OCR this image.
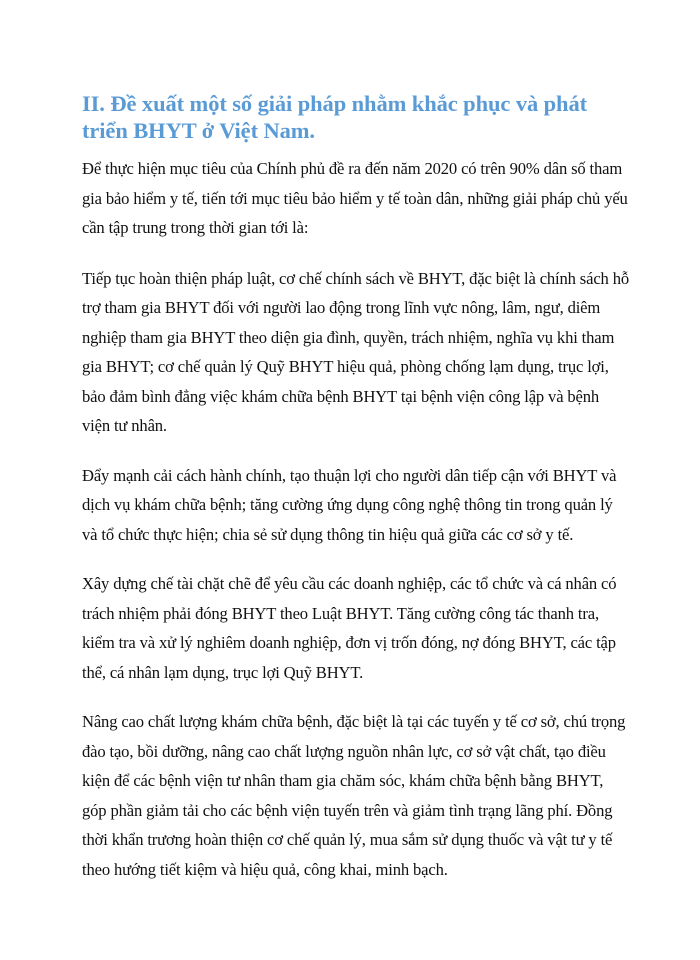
II. Đề xuất một số giải pháp nhằm khắc phục và phát triển BHYT ở Việt Nam.

Để thực hiện mục tiêu của Chính phủ đề ra đến năm 2020 có trên 90% dân số tham gia bảo hiểm y tế, tiến tới mục tiêu bảo hiểm y tế toàn dân, những giải pháp chủ yếu cần tập trung trong thời gian tới là:

Tiếp tục hoàn thiện pháp luật, cơ chế chính sách về BHYT, đặc biệt là chính sách hỗ trợ tham gia BHYT đối với người lao động trong lĩnh vực nông, lâm, ngư, diêm nghiệp tham gia BHYT theo diện gia đình, quyền, trách nhiệm, nghĩa vụ khi tham gia BHYT; cơ chế quản lý Quỹ BHYT hiệu quả, phòng chống lạm dụng, trục lợi, bảo đảm bình đẳng việc khám chữa bệnh BHYT tại bệnh viện công lập và bệnh viện tư nhân.

Đẩy mạnh cải cách hành chính, tạo thuận lợi cho người dân tiếp cận với BHYT và dịch vụ khám chữa bệnh; tăng cường ứng dụng công nghệ thông tin trong quản lý và tổ chức thực hiện; chia sẻ sử dụng thông tin hiệu quả giữa các cơ sở y tế.

Xây dựng chế tài chặt chẽ để yêu cầu các doanh nghiệp, các tổ chức và cá nhân có trách nhiệm phải đóng BHYT theo Luật BHYT. Tăng cường công tác thanh tra, kiểm tra và xử lý nghiêm doanh nghiệp, đơn vị trốn đóng, nợ đóng BHYT, các tập thể, cá nhân lạm dụng, trục lợi Quỹ BHYT.

Nâng cao chất lượng khám chữa bệnh, đặc biệt là tại các tuyến y tế cơ sở, chú trọng đào tạo, bồi dưỡng, nâng cao chất lượng nguồn nhân lực, cơ sở vật chất, tạo điều kiện để các bệnh viện tư nhân tham gia chăm sóc, khám chữa bệnh bằng BHYT, góp phần giảm tải cho các bệnh viện tuyến trên và giảm tình trạng lãng phí. Đồng thời khẩn trương hoàn thiện cơ chế quản lý, mua sắm sử dụng thuốc và vật tư y tế theo hướng tiết kiệm và hiệu quả, công khai, minh bạch.
